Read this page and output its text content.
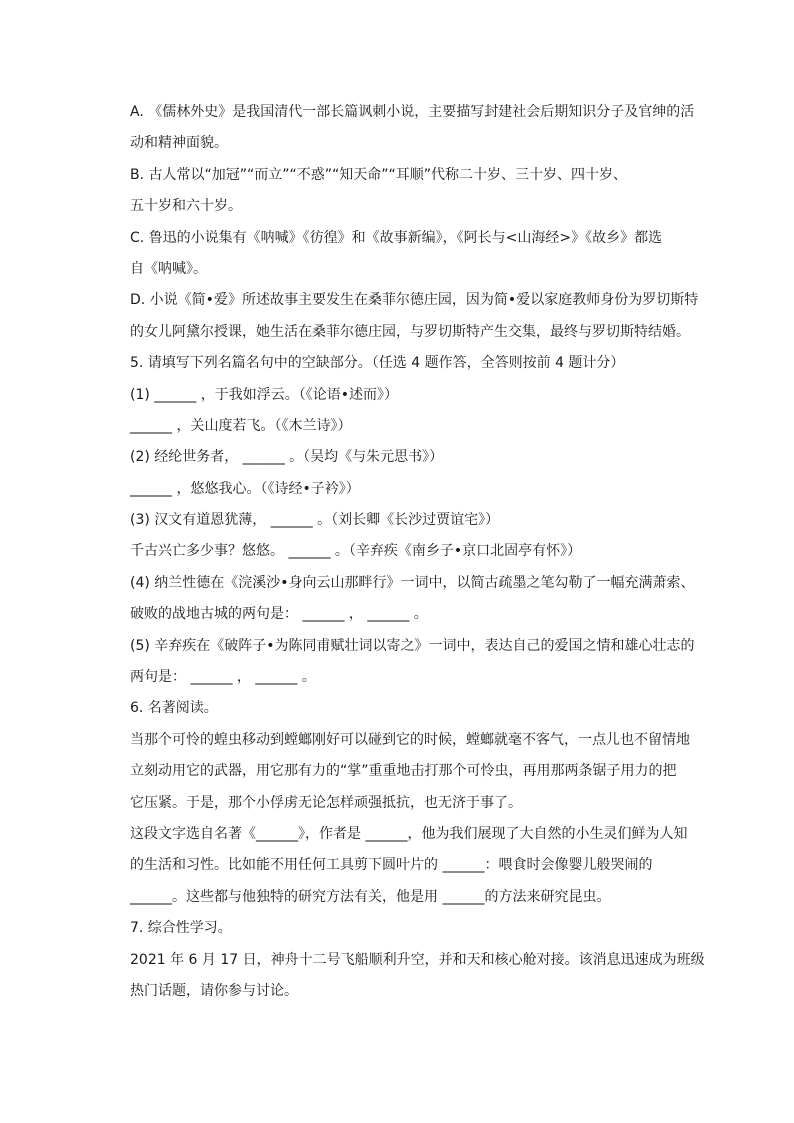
A. 《儒林外史》是我国清代一部长篇讽刺小说，主要描写封建社会后期知识分子及官绅的活
动和精神面貌。
B. 古人常以“加冠”“而立”“不惑”“知天命”“耳顺”代称二十岁、三十岁、四十岁、
五十岁和六十岁。
C. 鲁迅的小说集有《呐喊》《彷徨》和《故事新编》，《阿长与<山海经>》《故乡》都选
自《呐喊》。
D. 小说《简•爱》所述故事主要发生在桑菲尔德庄园，因为简•爱以家庭教师身份为罗切斯特
的女儿阿黛尔授课，她生活在桑菲尔德庄园，与罗切斯特产生交集，最终与罗切斯特结婚。
5. 请填写下列名篇名句中的空缺部分。（任选 4 题作答，全答则按前 4 题计分）
(1) ______ ，于我如浮云。（《论语•述而》）
______ ，关山度若飞。（《木兰诗》）
(2) 经纶世务者， ______ 。（吴均《与朱元思书》）
______ ，悠悠我心。（《诗经•子衿》）
(3) 汉文有道恩犹薄， ______ 。（刘长卿《长沙过贾谊宅》）
千古兴亡多少事？悠悠。 ______ 。（辛弃疾《南乡子•京口北固亭有怀》）
(4) 纳兰性德在《浣溪沙•身向云山那畔行》一词中，以简古疏墨之笔勾勒了一幅充满萧索、
破败的战地古城的两句是： ______ ， ______ 。
(5) 辛弃疾在《破阵子•为陈同甫赋壮词以寄之》一词中，表达自己的爱国之情和雄心壮志的
两句是： ______ ， ______ 。
6. 名著阅读。
当那个可怜的蝗虫移动到螳螂刚好可以碰到它的时候，螳螂就毫不客气，一点儿也不留情地
立刻动用它的武器，用它那有力的“掌”重重地击打那个可怜虫，再用那两条锯子用力的把
它压紧。于是，那个小俘虏无论怎样顽强抵抗，也无济于事了。
这段文字选自名著《______》，作者是 ______，他为我们展现了大自然的小生灵们鲜为人知
的生活和习性。比如能不用任何工具剪下圆叶片的 ______：喂食时会像婴儿般哭闹的
______。这些都与他独特的研究方法有关，他是用 ______的方法来研究昆虫。
7. 综合性学习。
2021 年 6 月 17 日，神舟十二号飞船顺利升空，并和天和核心舱对接。该消息迅速成为班级
热门话题，请你参与讨论。
